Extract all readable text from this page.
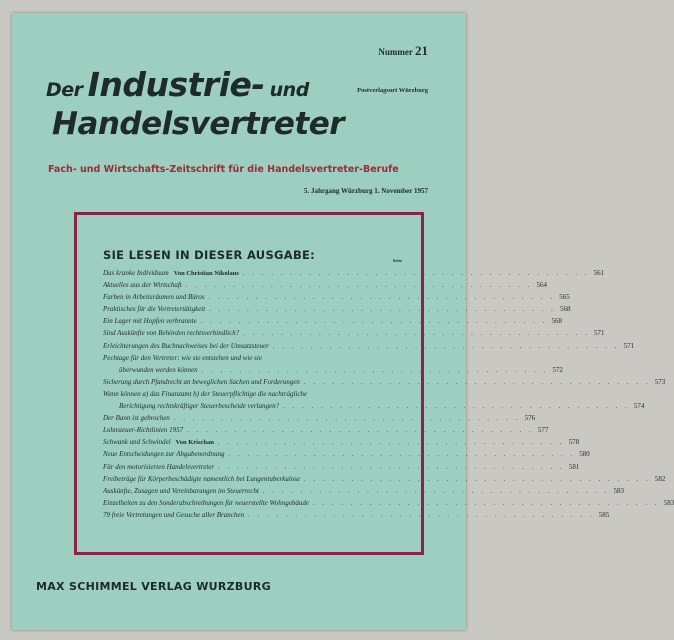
Nummer 21
Postverlagsort Würzburg
Der Industrie- und
Handelsvertreter
Fach- und Wirtschafts-Zeitschrift für die Handelsvertreter-Berufe
5. Jahrgang Würzburg 1. November 1957
SIE LESEN IN DIESER AUSGABE:	Seite
Das kranke Individuum Von Christian Nikolaus . . . . . . . . . . . . . . . . . . . . . . . . . . . . . . . . . . . . . 561
Aktuelles aus der Wirtschaft . . . . . . . . . . . . . . . . . . . . . . . . . . . . . . . . . . . . . 564
Farben in Arbeitsräumen und Büros . . . . . . . . . . . . . . . . . . . . . . . . . . . . . . . . . . . . . 565
Praktisches für die Vertretertätigkeit . . . . . . . . . . . . . . . . . . . . . . . . . . . . . . . . . . . . . 568
Ein Lager mit Hopfen verbrannte . . . . . . . . . . . . . . . . . . . . . . . . . . . . . . . . . . . . . 568
Sind Auskünfte von Behörden rechtsverbindlich? . . . . . . . . . . . . . . . . . . . . . . . . . . . . . . . . . . . . . 571
Erleichterungen des Buchnachweises bei der Umsatzsteuer . . . . . . . . . . . . . . . . . . . . . . . . . . . . . . . . . . . . . 571
Pechtage für den Vertreter: wie sie entstehen und wie sie
überwunden werden können . . . . . . . . . . . . . . . . . . . . . . . . . . . . . . . . . . . . . 572
Sicherung durch Pfandrecht an beweglichen Sachen und Forderungen . . . . . . . . . . . . . . . . . . . . . . . . . . . . . . . . . . . . . 573
Wann können a) das Finanzamt b) der Steuerpflichtige die nachträgliche
Berichtigung rechtskräftiger Steuerbescheide verlangen? . . . . . . . . . . . . . . . . . . . . . . . . . . . . . . . . . . . . . 574
Der Bann ist gebrochen . . . . . . . . . . . . . . . . . . . . . . . . . . . . . . . . . . . . . 576
Lohnsteuer-Richtlinien 1957 . . . . . . . . . . . . . . . . . . . . . . . . . . . . . . . . . . . . . 577
Schwank und Schwindel Von Krischan . . . . . . . . . . . . . . . . . . . . . . . . . . . . . . . . . . . . . 578
Neue Entscheidungen zur Abgabenordnung . . . . . . . . . . . . . . . . . . . . . . . . . . . . . . . . . . . . . 580
Für den motorisierten Handelsvertreter . . . . . . . . . . . . . . . . . . . . . . . . . . . . . . . . . . . . . 581
Freibeträge für Körperbeschädigte namentlich bei Lungentuberkulose . . . . . . . . . . . . . . . . . . . . . . . . . . . . . . . . . . . . . 582
Auskünfte, Zusagen und Vereinbarungen im Steuerrecht . . . . . . . . . . . . . . . . . . . . . . . . . . . . . . . . . . . . . 583
Einzelheiten zu den Sonderabschreibungen für neuerstellte Wohngebäude . . . . . . . . . . . . . . . . . . . . . . . . . . . . . . . . . . . . . 583
79 freie Vertretungen und Gesuche aller Branchen . . . . . . . . . . . . . . . . . . . . . . . . . . . . . . . . . . . . . 585
MAX SCHIMMEL VERLAG WURZBURG
